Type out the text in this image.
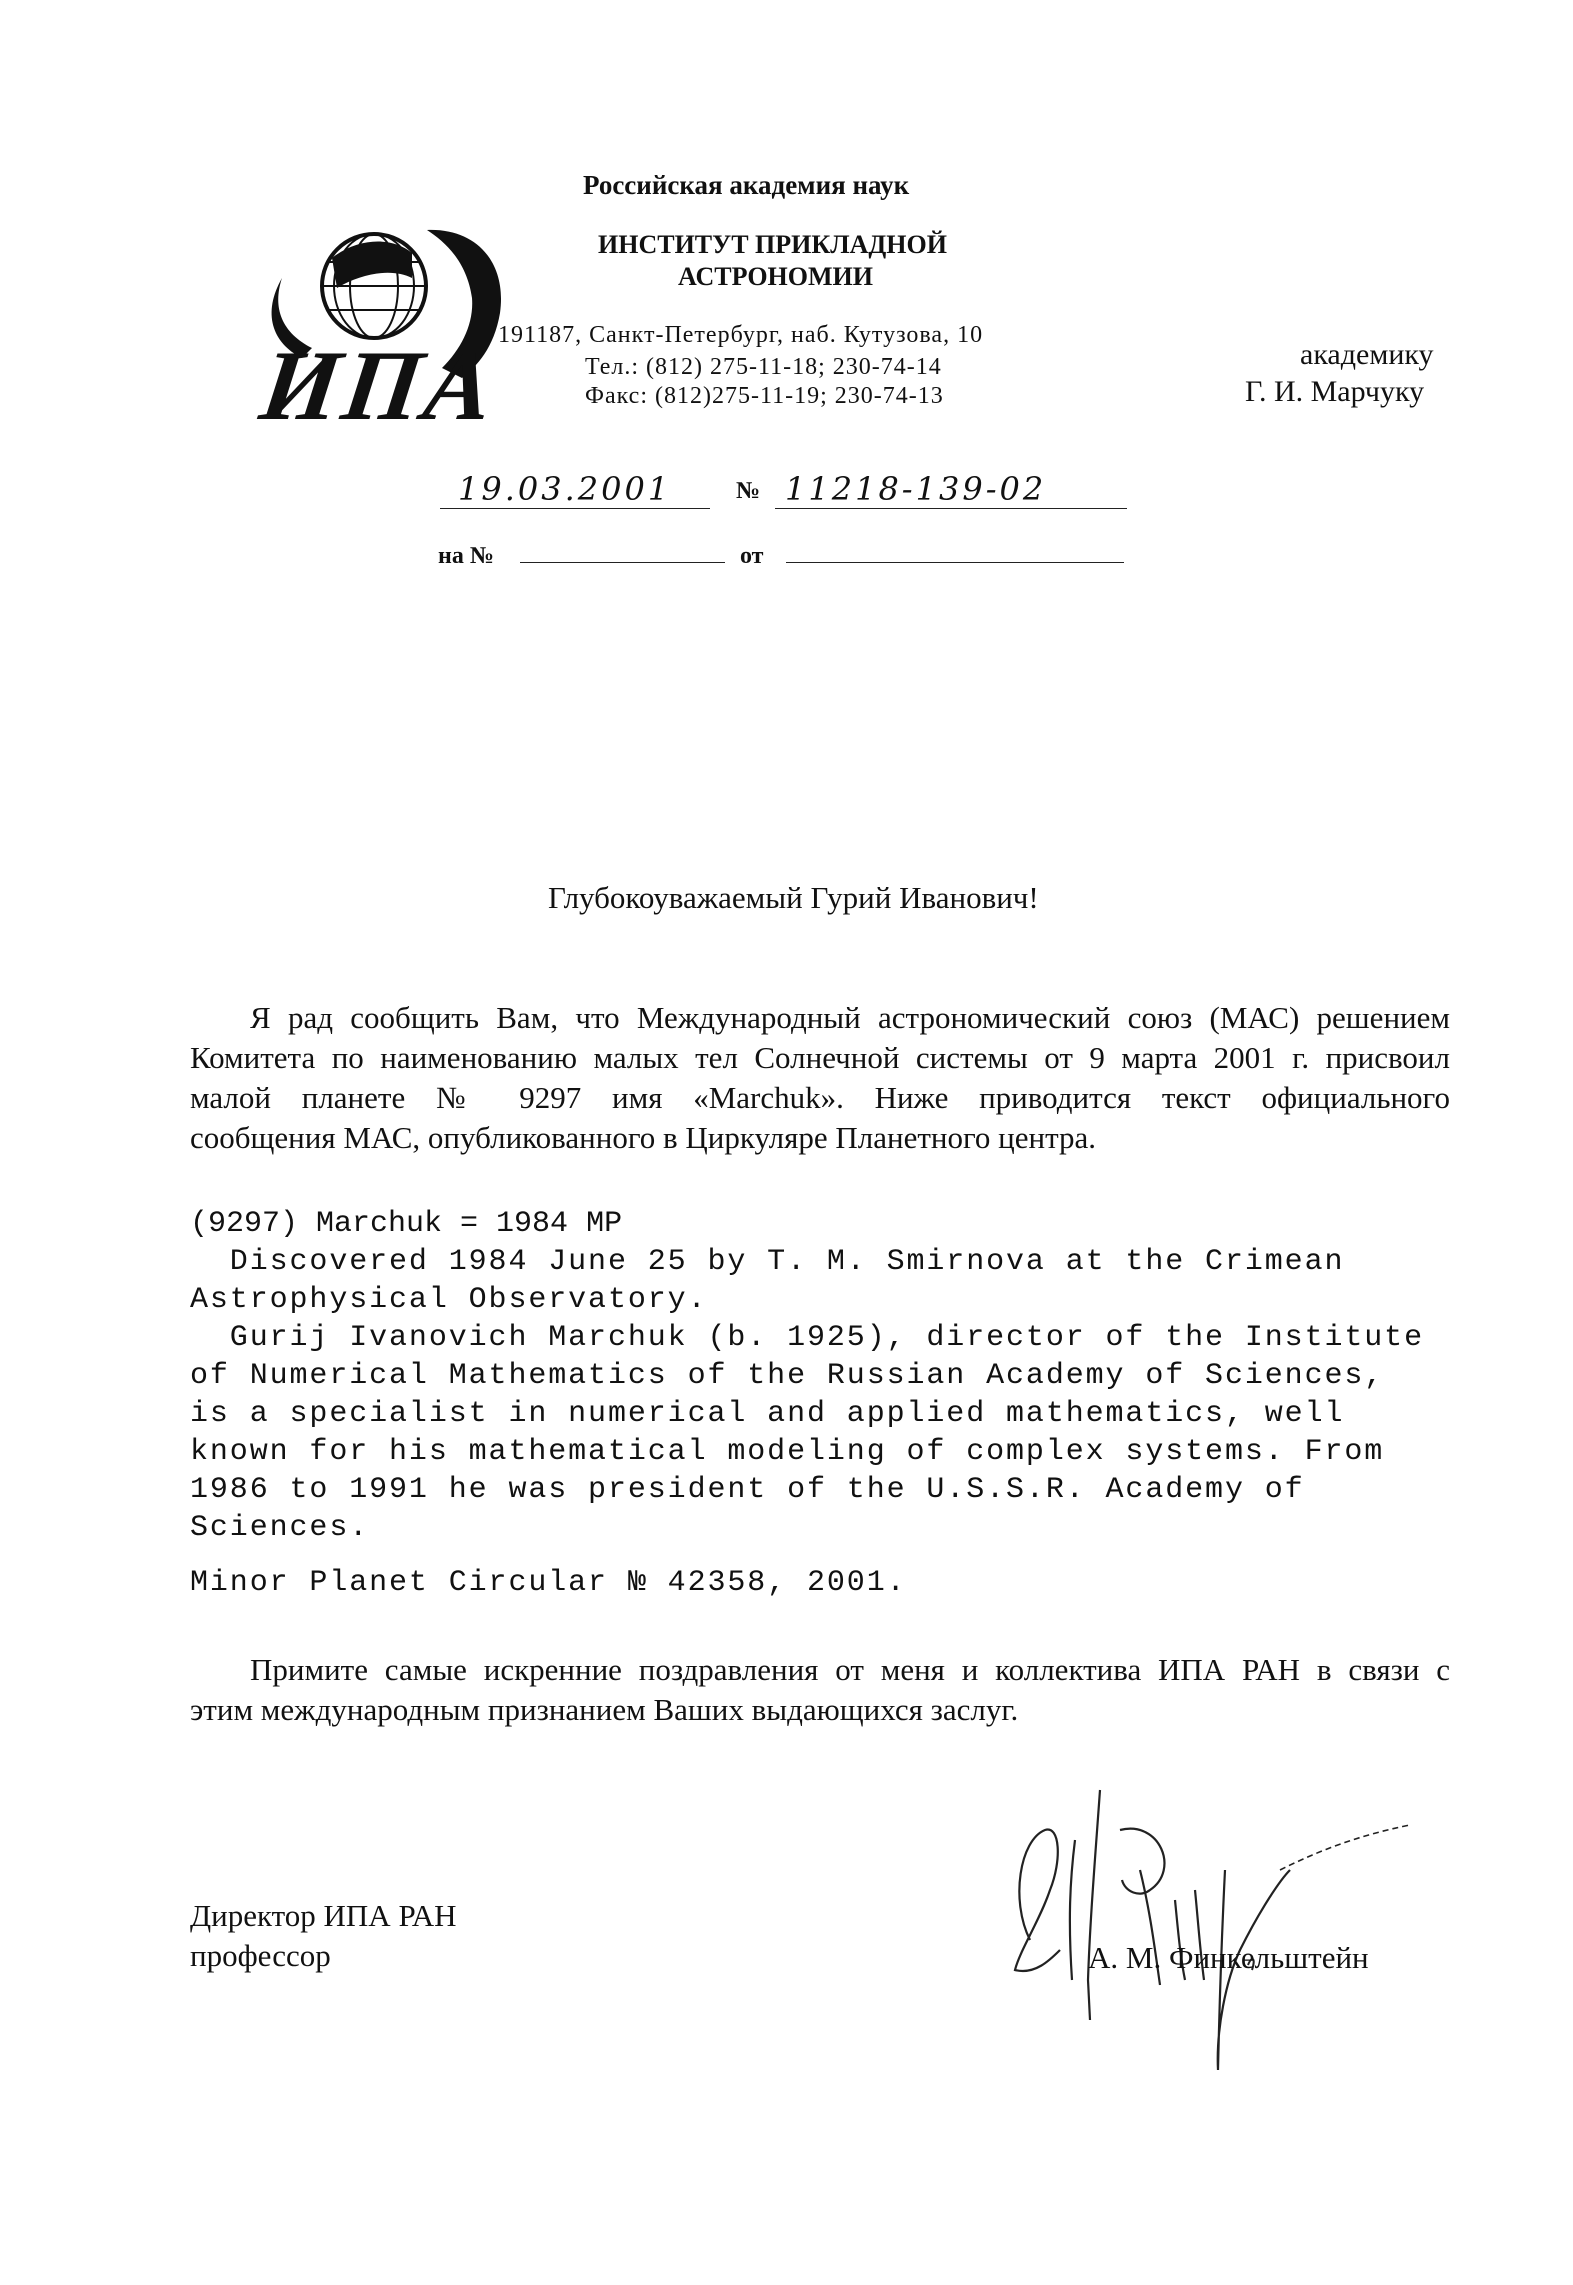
Российская академия наук
ИНСТИТУТ ПРИКЛАДНОЙ
АСТРОНОМИИ
ИПА
191187, Санкт-Петербург, наб. Кутузова, 10
Тел.: (812) 275-11-18; 230-74-14
Факс: (812)275-11-19; 230-74-13
академику
Г. И. Марчуку
19.03.2001	№ 11218-139-02
на №	от
Глубокоуважаемый Гурий Иванович!
Я рад сообщить Вам, что Международный астрономический союз (МАС) решением
Комитета по наименованию малых тел Солнечной системы от 9 марта 2001 г. присвоил
малой планете № 9297 имя «Marchuk». Ниже приводится текст официального
сообщения МАС, опубликованного в Циркуляре Планетного центра.
(9297) Marchuk = 1984 MP
Discovered 1984 June 25 by T. M. Smirnova at the Crimean
Astrophysical Observatory.
Gurij Ivanovich Marchuk (b. 1925), director of the Institute
of Numerical Mathematics of the Russian Academy of Sciences,
is a specialist in numerical and applied mathematics, well
known for his mathematical modeling of complex systems. From
1986 to 1991 he was president of the U.S.S.R. Academy of
Sciences.
Minor Planet Circular № 42358, 2001.
Примите самые искренние поздравления от меня и коллектива ИПА РАН в связи с
этим международным признанием Ваших выдающихся заслуг.
Директор ИПА РАН
профессор	А. М. Финкельштейн
